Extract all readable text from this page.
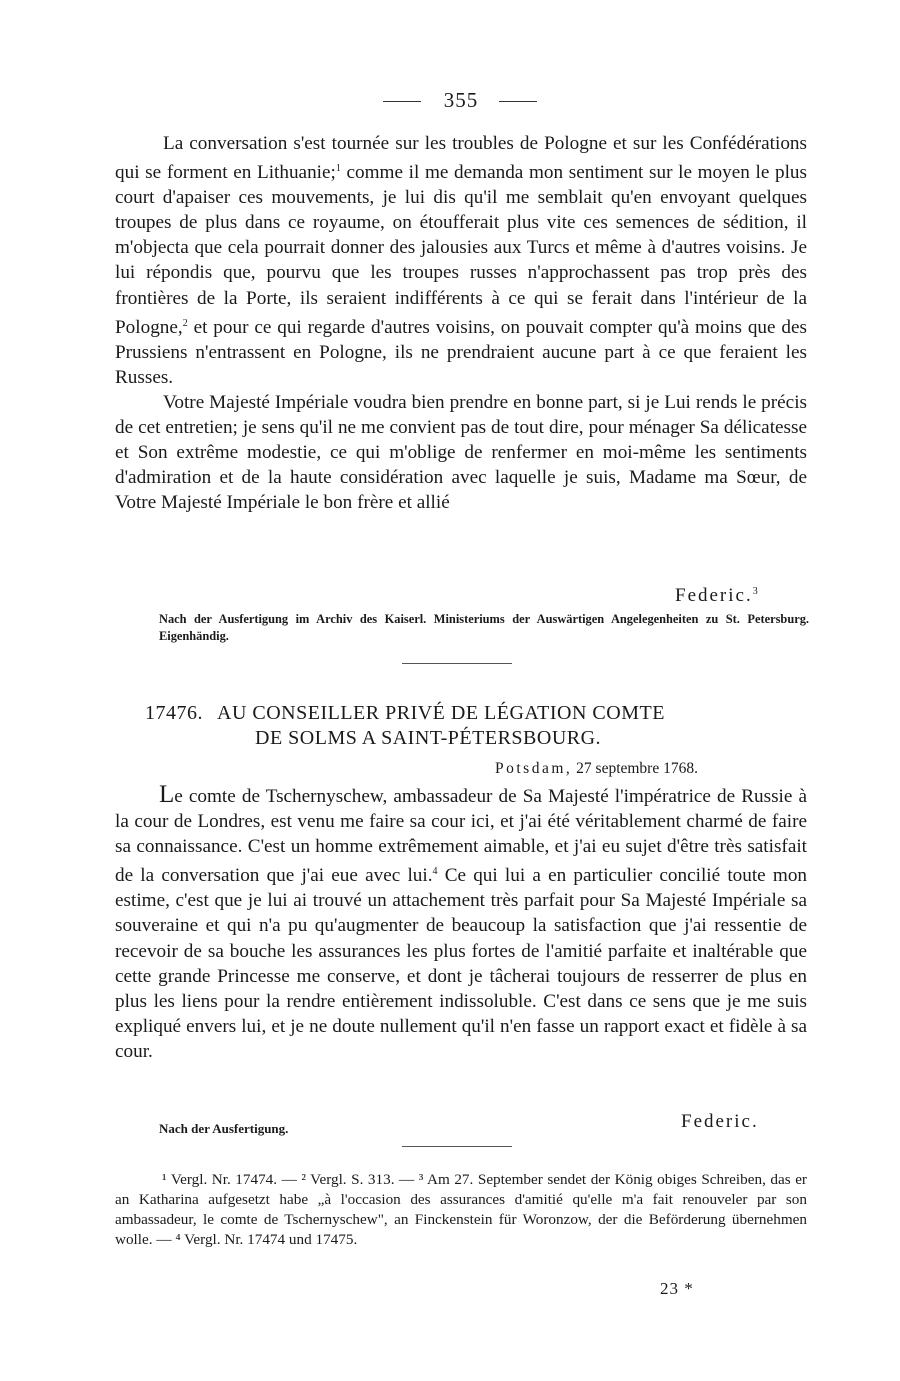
355

La conversation s'est tournée sur les troubles de Pologne et sur les Confédérations qui se forment en Lithuanie;$^1$ comme il me demanda mon sentiment sur le moyen le plus court d'apaiser ces mouvements, je lui dis qu'il me semblait qu'en envoyant quelques troupes de plus dans ce royaume, on étoufferait plus vite ces semences de sédition, il m'objecta que cela pourrait donner des jalousies aux Turcs et même à d'autres voisins. Je lui répondis que, pourvu que les troupes russes n'approchassent pas trop près des frontières de la Porte, ils seraient indifférents à ce qui se ferait dans l'intérieur de la Pologne,$^2$ et pour ce qui regarde d'autres voisins, on pouvait compter qu'à moins que des Prussiens n'entrassent en Pologne, ils ne prendraient aucune part à ce que feraient les Russes.

Votre Majesté Impériale voudra bien prendre en bonne part, si je Lui rends le précis de cet entretien; je sens qu'il ne me convient pas de tout dire, pour ménager Sa délicatesse et Son extrême modestie, ce qui m'oblige de renfermer en moi-même les sentiments d'admiration et de la haute considération avec laquelle je suis, Madame ma Sœur, de Votre Majesté Impériale le bon frère et allié

Federic.$^3$
Nach der Ausfertigung im Archiv des Kaiserl. Ministeriums der Auswärtigen Angelegenheiten zu St. Petersburg. Eigenhändig.
17476. AU CONSEILLER PRIVÉ DE LÉGATION COMTE
DE SOLMS A SAINT-PÉTERSBOURG.
Potsdam, 27 septembre 1768.

Le comte de Tschernyschew, ambassadeur de Sa Majesté l'impératrice de Russie à la cour de Londres, est venu me faire sa cour ici, et j'ai été véritablement charmé de faire sa connaissance. C'est un homme extrêmement aimable, et j'ai eu sujet d'être très satisfait de la conversation que j'ai eue avec lui.$^4$ Ce qui lui a en particulier concilié toute mon estime, c'est que je lui ai trouvé un attachement très parfait pour Sa Majesté Impériale sa souveraine et qui n'a pu qu'augmenter de beaucoup la satisfaction que j'ai ressentie de recevoir de sa bouche les assurances les plus fortes de l'amitié parfaite et inaltérable que cette grande Princesse me conserve, et dont je tâcherai toujours de resserrer de plus en plus les liens pour la rendre entièrement indissoluble. C'est dans ce sens que je me suis expliqué envers lui, et je ne doute nullement qu'il n'en fasse un rapport exact et fidèle à sa cour.

Nach der Ausfertigung.	Federic.

¹ Vergl. Nr. 17474. — ² Vergl. S. 313. — ³ Am 27. September sendet der König obiges Schreiben, das er an Katharina aufgesetzt habe „à l'occasion des assurances d'amitié qu'elle m'a fait renouveler par son ambassadeur, le comte de Tschernyschew", an Finckenstein für Woronzow, der die Beförderung übernehmen wolle. — ⁴ Vergl. Nr. 17474 und 17475.

23 *
